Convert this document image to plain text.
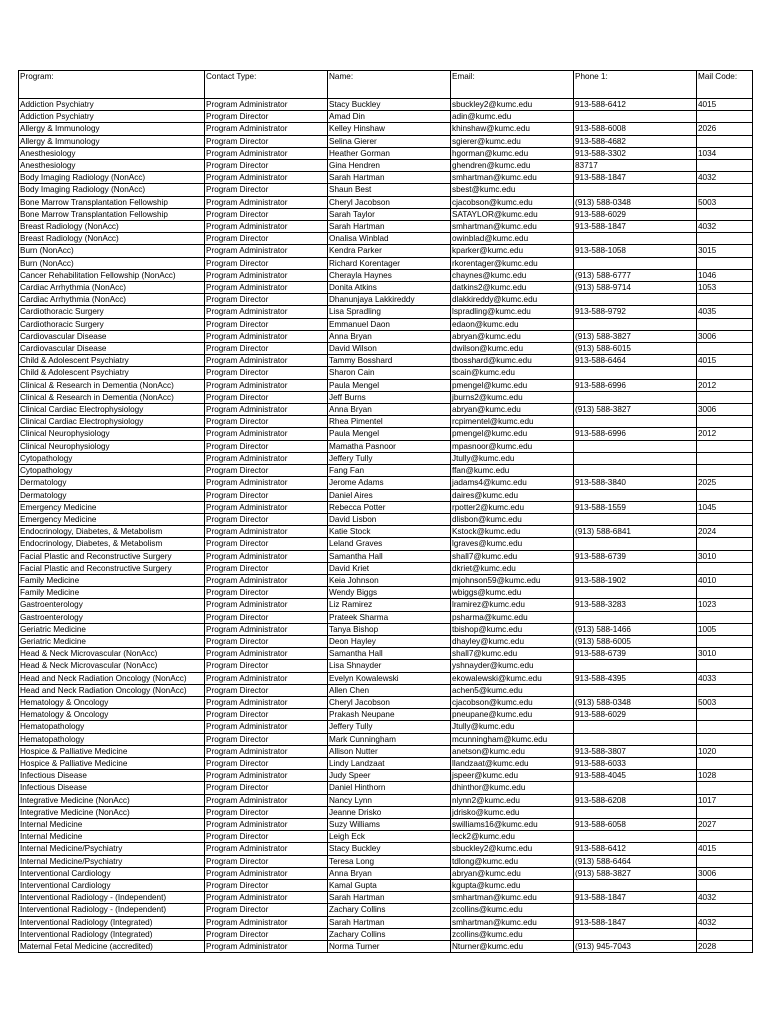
Program:	Contact Type:	Name:	Email:	Phone 1:	Mail Code:
Addiction Psychiatry	Program Administrator	Stacy Buckley	sbuckley2@kumc.edu	913-588-6412	4015
Addiction Psychiatry	Program Director	Amad Din	adin@kumc.edu		
Allergy & Immunology	Program Administrator	Kelley Hinshaw	khinshaw@kumc.edu	913-588-6008	2026
Allergy & Immunology	Program Director	Selina Gierer	sgierer@kumc.edu	913-588-4682	
Anesthesiology	Program Administrator	Heather Gorman	hgorman@kumc.edu	913-588-3302	1034
Anesthesiology	Program Director	Gina Hendren	ghendren@kumc.edu	83717	
Body Imaging Radiology (NonAcc)	Program Administrator	Sarah Hartman	smhartman@kumc.edu	913-588-1847	4032
Body Imaging Radiology (NonAcc)	Program Director	Shaun Best	sbest@kumc.edu		
Bone Marrow Transplantation Fellowship	Program Administrator	Cheryl Jacobson	cjacobson@kumc.edu	(913) 588-0348	5003
Bone Marrow Transplantation Fellowship	Program Director	Sarah Taylor	SATAYLOR@kumc.edu	913-588-6029	
Breast Radiology (NonAcc)	Program Administrator	Sarah Hartman	smhartman@kumc.edu	913-588-1847	4032
Breast Radiology (NonAcc)	Program Director	Onalisa Winblad	owinblad@kumc.edu		
Burn (NonAcc)	Program Administrator	Kendra Parker	kparker@kumc.edu	913-588-1058	3015
Burn (NonAcc)	Program Director	Richard Korentager	rkorentager@kumc.edu		
Cancer Rehabilitation Fellowship (NonAcc)	Program Administrator	Cherayla Haynes	chaynes@kumc.edu	(913) 588-6777	1046
Cardiac Arrhythmia (NonAcc)	Program Administrator	Donita Atkins	datkins2@kumc.edu	(913) 588-9714	1053
Cardiac Arrhythmia (NonAcc)	Program Director	Dhanunjaya Lakkireddy	dlakkireddy@kumc.edu		
Cardiothoracic Surgery	Program Administrator	Lisa Spradling	lspradling@kumc.edu	913-588-9792	4035
Cardiothoracic Surgery	Program Director	Emmanuel Daon	edaon@kumc.edu		
Cardiovascular Disease	Program Administrator	Anna Bryan	abryan@kumc.edu	(913) 588-3827	3006
Cardiovascular Disease	Program Director	David Wilson	dwilson@kumc.edu	(913) 588-6015	
Child & Adolescent Psychiatry	Program Administrator	Tammy Bosshard	tbosshard@kumc.edu	913-588-6464	4015
Child & Adolescent Psychiatry	Program Director	Sharon Cain	scain@kumc.edu		
Clinical & Research in Dementia (NonAcc)	Program Administrator	Paula Mengel	pmengel@kumc.edu	913-588-6996	2012
Clinical & Research in Dementia (NonAcc)	Program Director	Jeff Burns	jburns2@kumc.edu		
Clinical Cardiac Electrophysiology	Program Administrator	Anna Bryan	abryan@kumc.edu	(913) 588-3827	3006
Clinical Cardiac Electrophysiology	Program Director	Rhea Pimentel	rcpimentel@kumc.edu		
Clinical Neurophysiology	Program Administrator	Paula Mengel	pmengel@kumc.edu	913-588-6996	2012
Clinical Neurophysiology	Program Director	Mamatha Pasnoor	mpasnoor@kumc.edu		
Cytopathology	Program Administrator	Jeffery Tully	Jtully@kumc.edu		
Cytopathology	Program Director	Fang Fan	ffan@kumc.edu		
Dermatology	Program Administrator	Jerome Adams	jadams4@kumc.edu	913-588-3840	2025
Dermatology	Program Director	Daniel Aires	daires@kumc.edu		
Emergency Medicine	Program Administrator	Rebecca Potter	rpotter2@kumc.edu	913-588-1559	1045
Emergency Medicine	Program Director	David Lisbon	dlisbon@kumc.edu		
Endocrinology, Diabetes, & Metabolism	Program Administrator	Katie Stock	Kstock@kumc.edu	(913) 588-6841	2024
Endocrinology, Diabetes, & Metabolism	Program Director	Leland Graves	lgraves@kumc.edu		
Facial Plastic and Reconstructive Surgery	Program Administrator	Samantha Hall	shall7@kumc.edu	913-588-6739	3010
Facial Plastic and Reconstructive Surgery	Program Director	David Kriet	dkriet@kumc.edu		
Family Medicine	Program Administrator	Keia Johnson	mjohnson59@kumc.edu	913-588-1902	4010
Family Medicine	Program Director	Wendy Biggs	wbiggs@kumc.edu		
Gastroenterology	Program Administrator	Liz Ramirez	lramirez@kumc.edu	913-588-3283	1023
Gastroenterology	Program Director	Prateek Sharma	psharma@kumc.edu		
Geriatric Medicine	Program Administrator	Tanya Bishop	tbishop@kumc.edu	(913) 588-1466	1005
Geriatric Medicine	Program Director	Deon Hayley	dhayley@kumc.edu	(913) 588-6005	
Head & Neck Microvascular (NonAcc)	Program Administrator	Samantha Hall	shall7@kumc.edu	913-588-6739	3010
Head & Neck Microvascular (NonAcc)	Program Director	Lisa Shnayder	yshnayder@kumc.edu		
Head and Neck Radiation Oncology (NonAcc)	Program Administrator	Evelyn Kowalewski	ekowalewski@kumc.edu	913-588-4395	4033
Head and Neck Radiation Oncology (NonAcc)	Program Director	Allen Chen	achen5@kumc.edu		
Hematology & Oncology	Program Administrator	Cheryl Jacobson	cjacobson@kumc.edu	(913) 588-0348	5003
Hematology & Oncology	Program Director	Prakash Neupane	pneupane@kumc.edu	913-588-6029	
Hematopathology	Program Administrator	Jeffery Tully	Jtully@kumc.edu		
Hematopathology	Program Director	Mark Cunningham	mcunningham@kumc.edu		
Hospice & Palliative Medicine	Program Administrator	Allison Nutter	anetson@kumc.edu	913-588-3807	1020
Hospice & Palliative Medicine	Program Director	Lindy Landzaat	llandzaat@kumc.edu	913-588-6033	
Infectious Disease	Program Administrator	Judy Speer	jspeer@kumc.edu	913-588-4045	1028
Infectious Disease	Program Director	Daniel Hinthorn	dhinthor@kumc.edu		
Integrative Medicine (NonAcc)	Program Administrator	Nancy Lynn	nlynn2@kumc.edu	913-588-6208	1017
Integrative Medicine (NonAcc)	Program Director	Jeanne Drisko	jdrisko@kumc.edu		
Internal Medicine	Program Administrator	Suzy Williams	swilliams16@kumc.edu	913-588-6058	2027
Internal Medicine	Program Director	Leigh Eck	leck2@kumc.edu		
Internal Medicine/Psychiatry	Program Administrator	Stacy Buckley	sbuckley2@kumc.edu	913-588-6412	4015
Internal Medicine/Psychiatry	Program Director	Teresa Long	tdlong@kumc.edu	(913) 588-6464	
Interventional Cardiology	Program Administrator	Anna Bryan	abryan@kumc.edu	(913) 588-3827	3006
Interventional Cardiology	Program Director	Kamal Gupta	kgupta@kumc.edu		
Interventional Radiology - (Independent)	Program Administrator	Sarah Hartman	smhartman@kumc.edu	913-588-1847	4032
Interventional Radiology - (Independent)	Program Director	Zachary Collins	zcollins@kumc.edu		
Interventional Radiology (Integrated)	Program Administrator	Sarah Hartman	smhartman@kumc.edu	913-588-1847	4032
Interventional Radiology (Integrated)	Program Director	Zachary Collins	zcollins@kumc.edu		
Maternal Fetal Medicine (accredited)	Program Administrator	Norma Turner	Nturner@kumc.edu	(913) 945-7043	2028
